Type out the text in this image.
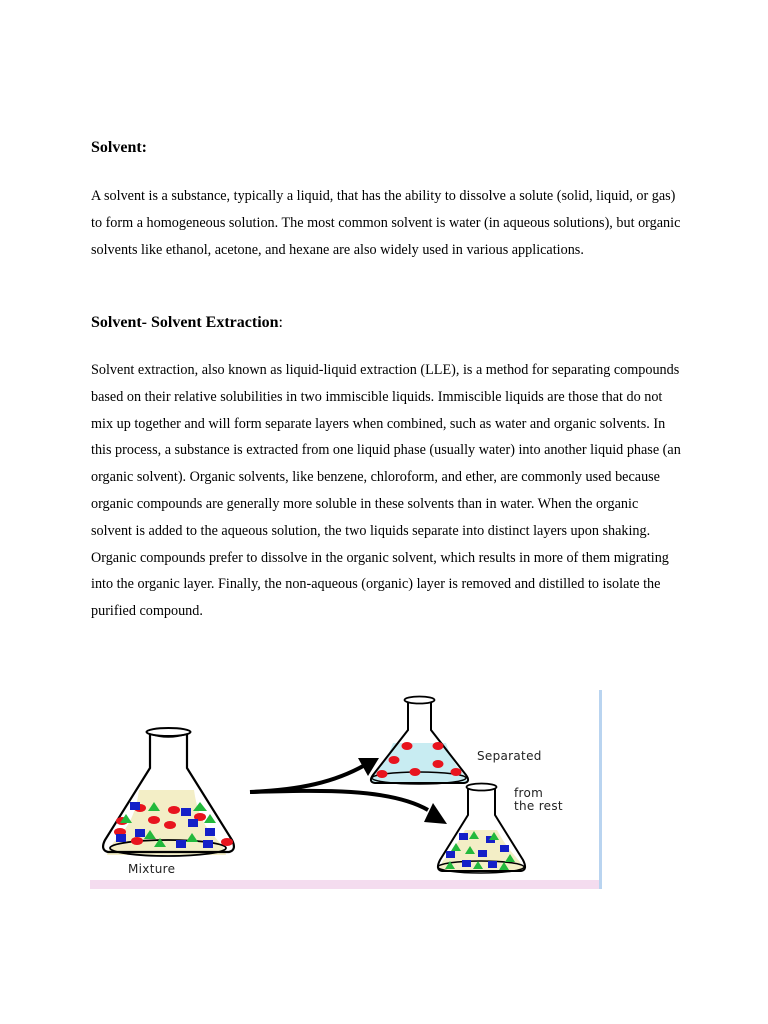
Solvent:

A solvent is a substance, typically a liquid, that has the ability to dissolve a solute (solid, liquid, or gas) to form a homogeneous solution. The most common solvent is water (in aqueous solutions), but organic solvents like ethanol, acetone, and hexane are also widely used in various applications.

Solvent- Solvent Extraction:

Solvent extraction, also known as liquid-liquid extraction (LLE), is a method for separating compounds based on their relative solubilities in two immiscible liquids. Immiscible liquids are those that do not mix up together and will form separate layers when combined, such as water and organic solvents. In this process, a substance is extracted from one liquid phase (usually water) into another liquid phase (an organic solvent). Organic solvents, like benzene, chloroform, and ether, are commonly used because organic compounds are generally more soluble in these solvents than in water. When the organic solvent is added to the aqueous solution, the two liquids separate into distinct layers upon shaking. Organic compounds prefer to dissolve in the organic solvent, which results in more of them migrating into the organic layer. Finally, the non-aqueous (organic) layer is removed and distilled to isolate the purified compound.

Mixture
Separated
from
the rest
